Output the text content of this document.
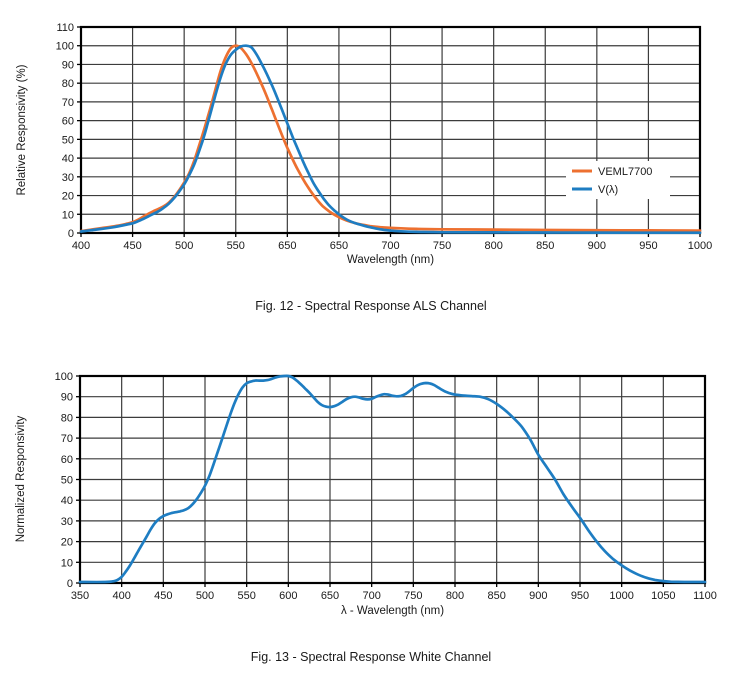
400	450	500	550	650	650	700	750	800	850	900	950	1000
0
10
20
30
40
50
60
70
80
90
100
110
VEML7700
V(λ)
350 400 450 500 550 600 650 700 750 800 850 900 950 1000 1050 1100
0
10
20
30
40
50
60
70
80
90
100
Relative Responsivity (%)
Wavelength (nm)
Fig. 12 - Spectral Response ALS Channel
Normalized Responsivity
λ - Wavelength (nm)
Fig. 13 - Spectral Response White Channel
